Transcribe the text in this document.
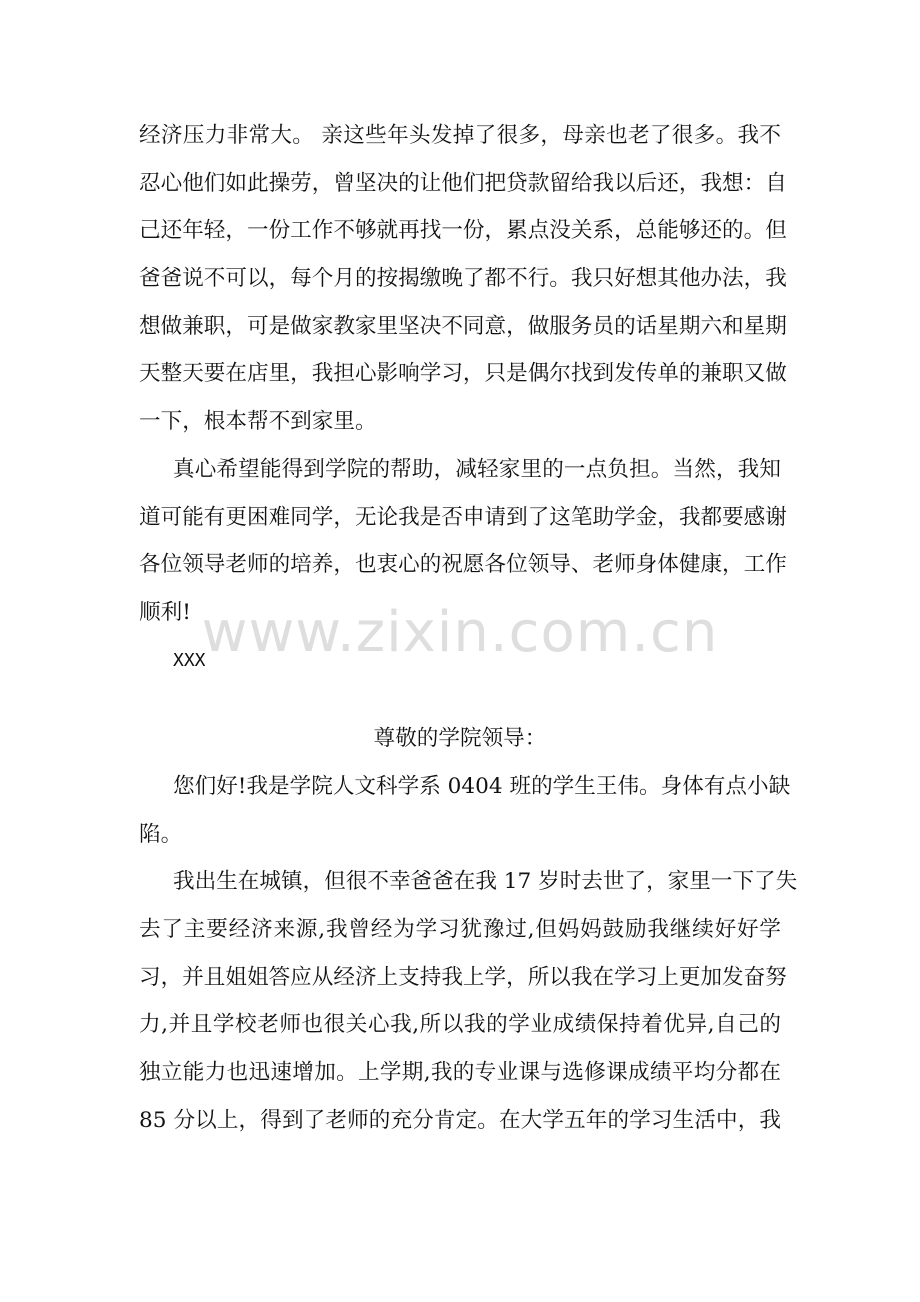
www.zixin.com.cn
经济压力非常大。 亲这些年头发掉了很多，母亲也老了很多。我不
忍心他们如此操劳，曾坚决的让他们把贷款留给我以后还，我想：自
己还年轻，一份工作不够就再找一份，累点没关系，总能够还的。但
爸爸说不可以，每个月的按揭缴晚了都不行。我只好想其他办法，我
想做兼职，可是做家教家里坚决不同意，做服务员的话星期六和星期
天整天要在店里，我担心影响学习，只是偶尔找到发传单的兼职又做
一下，根本帮不到家里。
真心希望能得到学院的帮助，减轻家里的一点负担。当然，我知
道可能有更困难同学，无论我是否申请到了这笔助学金，我都要感谢
各位领导老师的培养，也衷心的祝愿各位领导、老师身体健康，工作
顺利!
XXX
尊敬的学院领导：
您们好!我是学院人文科学系 0404 班的学生王伟。身体有点小缺
陷。
我出生在城镇，但很不幸爸爸在我 17 岁时去世了，家里一下了失
去了主要经济来源,我曾经为学习犹豫过,但妈妈鼓励我继续好好学
习，并且姐姐答应从经济上支持我上学，所以我在学习上更加发奋努
力,并且学校老师也很关心我,所以我的学业成绩保持着优异,自己的
独立能力也迅速增加。上学期,我的专业课与选修课成绩平均分都在
85 分以上，得到了老师的充分肯定。在大学五年的学习生活中，我
